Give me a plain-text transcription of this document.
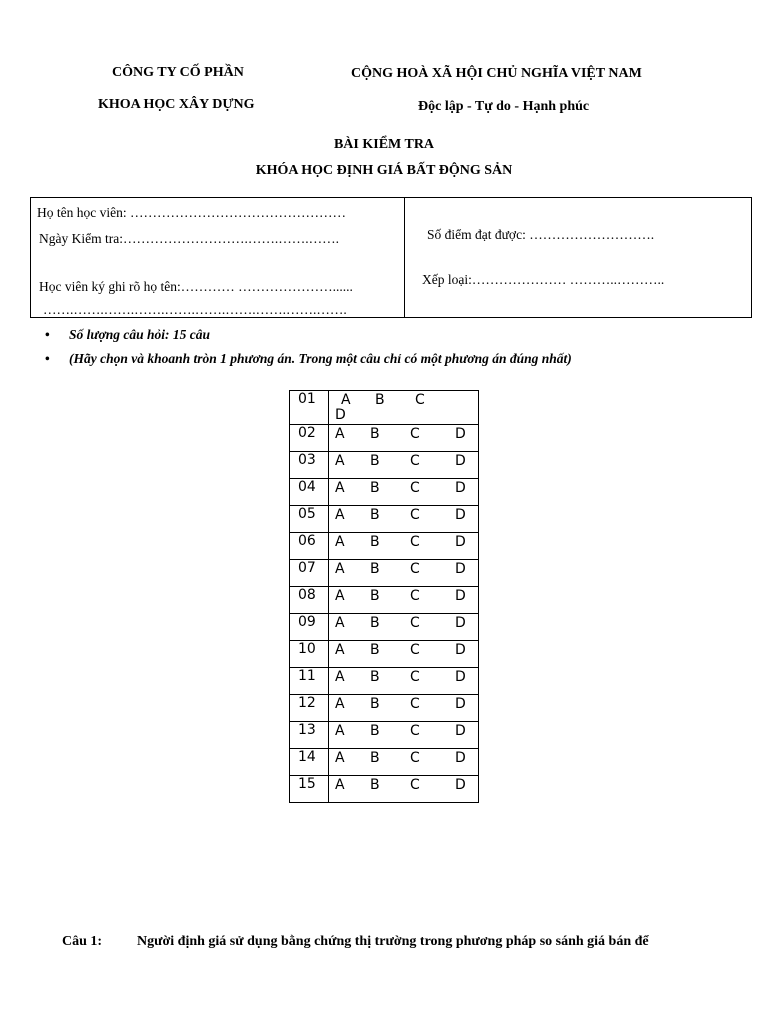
CÔNG TY CỐ PHẦN
KHOA HỌC XÂY DỰNG
CỘNG HOÀ XÃ HỘI CHỦ NGHĨA VIỆT NAM
Độc lập - Tự do - Hạnh phúc
BÀI KIỂM TRA
KHÓA HỌC ĐỊNH GIÁ BẤT ĐỘNG SẢN
Họ tên học viên: …………………………………………
Ngày Kiểm tra:……………………….…….…….…….
Học viên ký ghi rõ họ tên:………… …………………......
…….…….…….…….…….…….…….…….…….…….
Số điểm đạt được: ……………………….
Xếp loại:………………… ………..………..
• Số lượng câu hỏi: 15 câu
• (Hãy chọn và khoanh tròn 1 phương án. Trong một câu chỉ có một phương án đúng nhất)
01	A B C
D

02	A B C D

03	A B C D

04	A B C D

05	A B C D

06	A B C D

07	A B C D

08	A B C D

09	A B C D

10	A B C D

11	A B C D

12	A B C D

13	A B C D

14	A B C D

15	A B C D
Câu 1: Người định giá sử dụng bằng chứng thị trường trong phương pháp so sánh giá bán để
